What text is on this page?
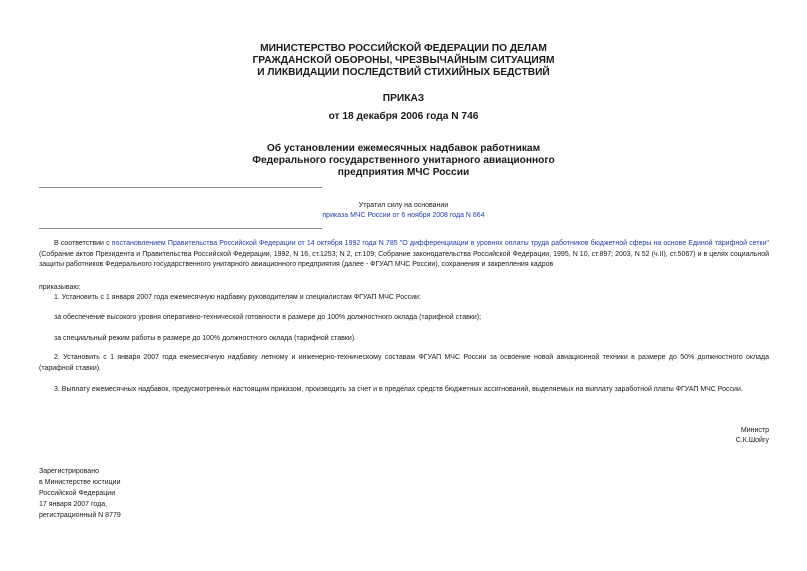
МИНИСТЕРСТВО РОССИЙСКОЙ ФЕДЕРАЦИИ ПО ДЕЛАМ
ГРАЖДАНСКОЙ ОБОРОНЫ, ЧРЕЗВЫЧАЙНЫМ СИТУАЦИЯМ
И ЛИКВИДАЦИИ ПОСЛЕДСТВИЙ СТИХИЙНЫХ БЕДСТВИЙ
ПРИКАЗ
от 18 декабря 2006 года N 746
Об установлении ежемесячных надбавок работникам
Федерального государственного унитарного авиационного
предприятия МЧС России
Утратил силу на основании
приказа МЧС России от 6 ноября 2008 года N 664
В соответствии с постановлением Правительства Российской Федерации от 14 октября 1992 года N 785 "О дифференциации в уровнях оплаты труда работников бюджетной сферы на основе Единой тарифной сетки" (Собрание актов Президента и Правительства Российской Федерации, 1992, N 16, ст.1253; N 2, ст.109; Собрание законодательства Российской Федерации, 1995, N 10, ст.897; 2003, N 52 (ч.II), ст.5067) и в целях социальной защиты работников Федерального государственного унитарного авиационного предприятия (далее - ФГУАП МЧС России), сохранения и закрепления кадров
приказываю:
1. Установить с 1 января 2007 года ежемесячную надбавку руководителям и специалистам ФГУАП МЧС России:
за обеспечение высокого уровня оперативно-технической готовности в размере до 100% должностного оклада (тарифной ставки);
за специальный режим работы в размере до 100% должностного оклада (тарифной ставки).
2. Установить с 1 января 2007 года ежемесячную надбавку летному и инженерно-техническому составам ФГУАП МЧС России за освоение новой авиационной техники в размере до 50% должностного оклада (тарифной ставки).
3. Выплату ежемесячных надбавок, предусмотренных настоящим приказом, производить за счет и в пределах средств бюджетных ассигнований, выделяемых на выплату заработной платы ФГУАП МЧС России.
Министр
С.К.Шойгу
Зарегистрировано
в Министерстве юстиции
Российской Федерации
17 января 2007 года,
регистрационный N 8779
